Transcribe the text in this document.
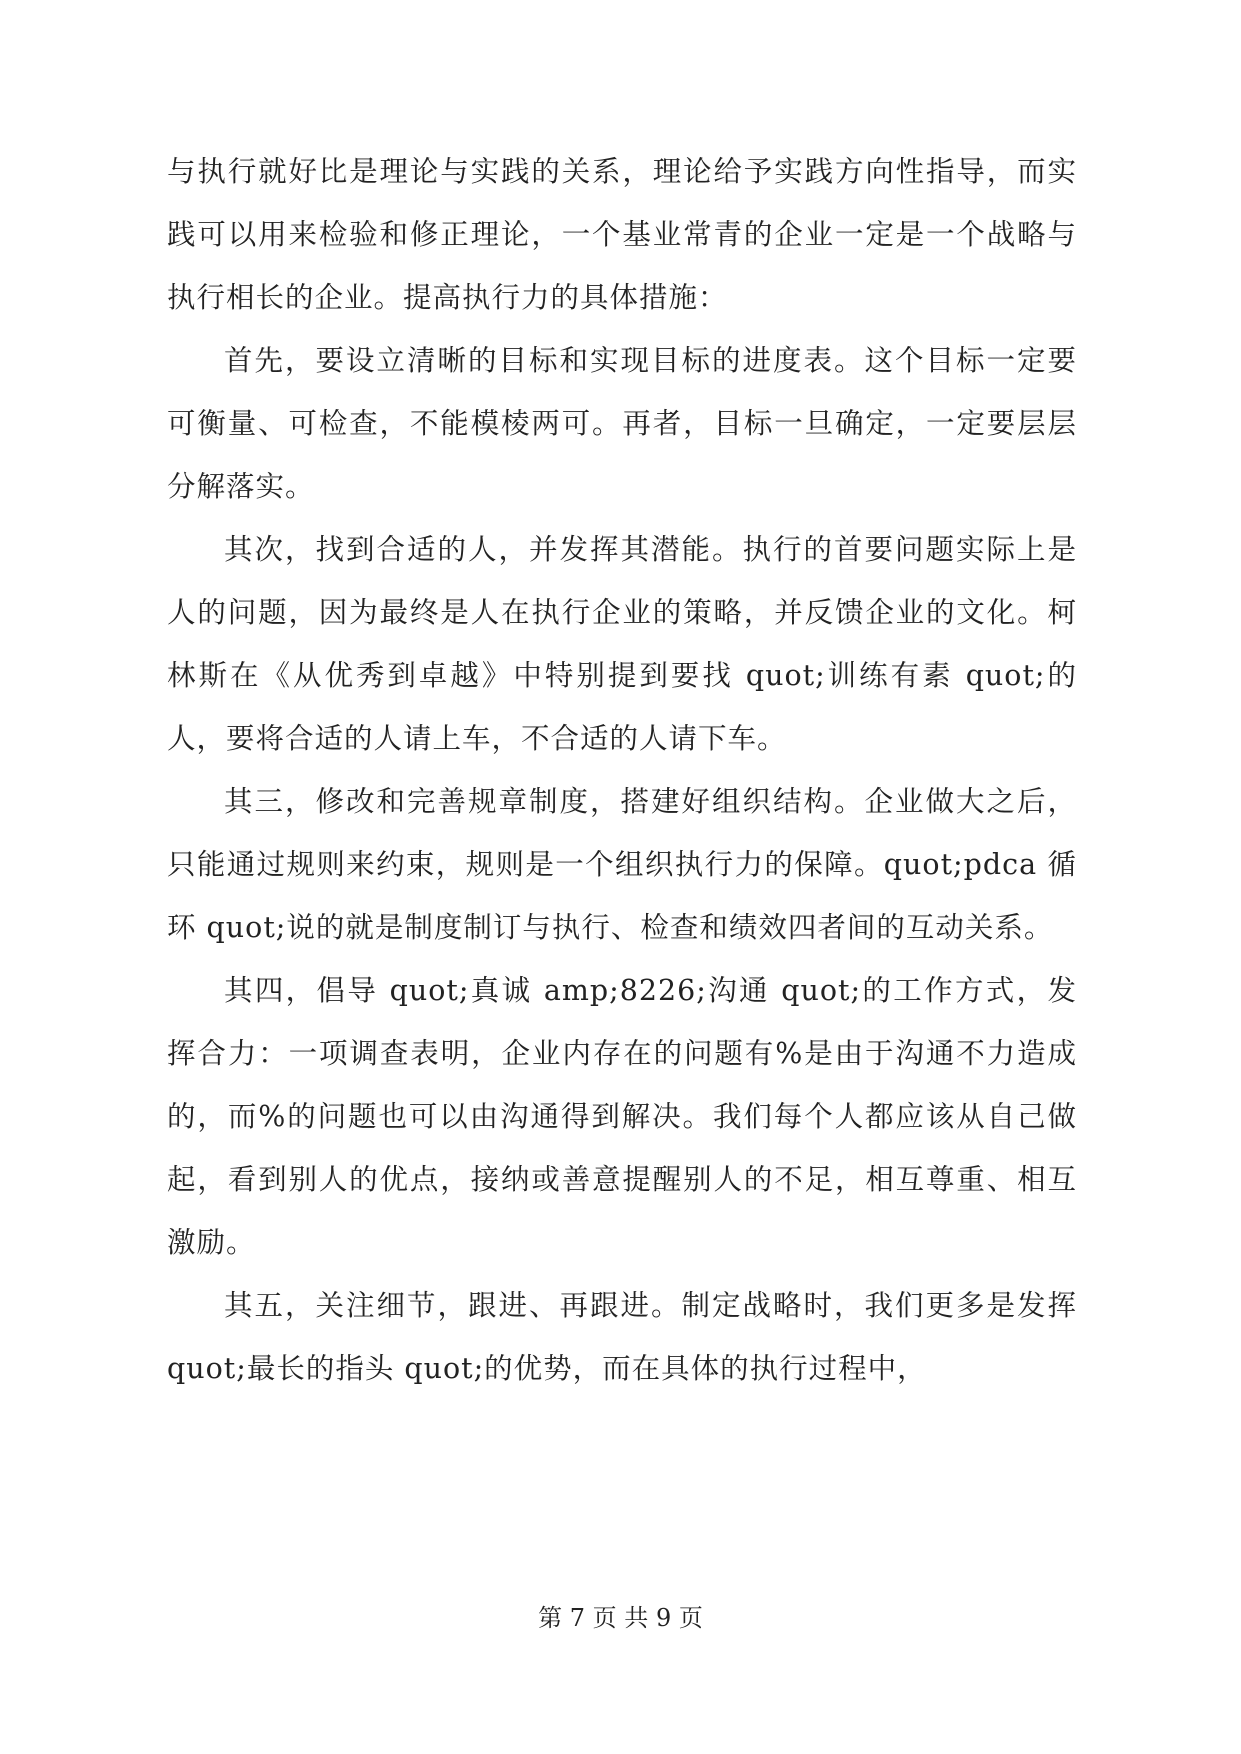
与执行就好比是理论与实践的关系，理论给予实践方向性指导，而实践可以用来检验和修正理论，一个基业常青的企业一定是一个战略与执行相长的企业。提高执行力的具体措施：

首先，要设立清晰的目标和实现目标的进度表。这个目标一定要可衡量、可检查，不能模棱两可。再者，目标一旦确定，一定要层层分解落实。

其次，找到合适的人，并发挥其潜能。执行的首要问题实际上是人的问题，因为最终是人在执行企业的策略，并反馈企业的文化。柯林斯在《从优秀到卓越》中特别提到要找 quot;训练有素 quot;的人，要将合适的人请上车，不合适的人请下车。

其三，修改和完善规章制度，搭建好组织结构。企业做大之后，只能通过规则来约束，规则是一个组织执行力的保障。quot;pdca 循环 quot;说的就是制度制订与执行、检查和绩效四者间的互动关系。

其四，倡导 quot;真诚 amp;8226;沟通 quot;的工作方式，发挥合力：一项调查表明，企业内存在的问题有%是由于沟通不力造成的，而%的问题也可以由沟通得到解决。我们每个人都应该从自己做起，看到别人的优点，接纳或善意提醒别人的不足，相互尊重、相互激励。

其五，关注细节，跟进、再跟进。制定战略时，我们更多是发挥 quot;最长的指头 quot;的优势，而在具体的执行过程中，

第 7 页 共 9 页
